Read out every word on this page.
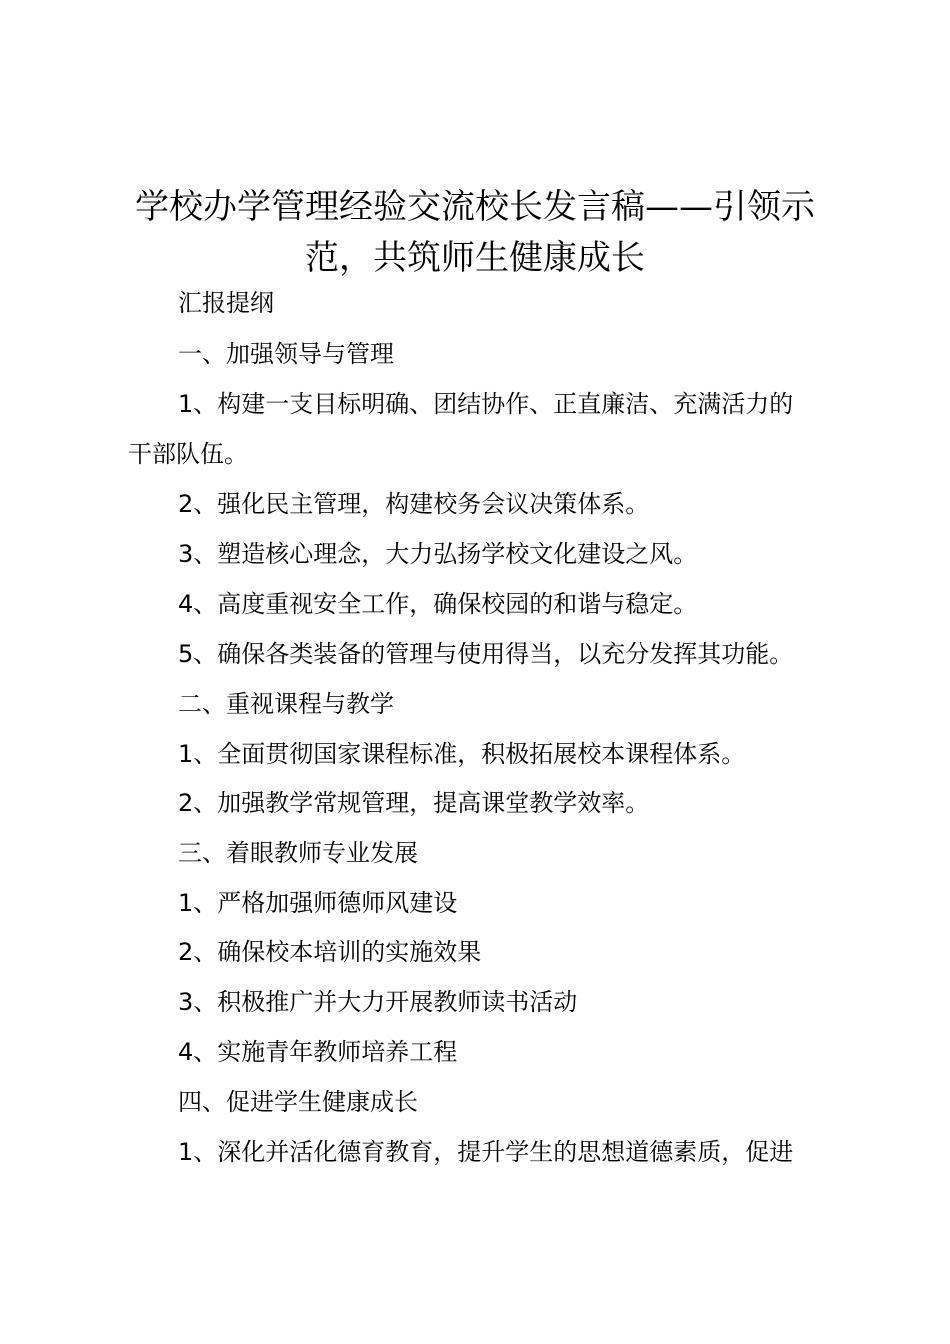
学校办学管理经验交流校长发言稿——引领示范，共筑师生健康成长

汇报提纲

一、加强领导与管理

1、构建一支目标明确、团结协作、正直廉洁、充满活力的

干部队伍。

2、强化民主管理，构建校务会议决策体系。

3、塑造核心理念，大力弘扬学校文化建设之风。

4、高度重视安全工作，确保校园的和谐与稳定。

5、确保各类装备的管理与使用得当，以充分发挥其功能。

二、重视课程与教学

1、全面贯彻国家课程标准，积极拓展校本课程体系。

2、加强教学常规管理，提高课堂教学效率。

三、着眼教师专业发展

1、严格加强师德师风建设

2、确保校本培训的实施效果

3、积极推广并大力开展教师读书活动

4、实施青年教师培养工程

四、促进学生健康成长

1、深化并活化德育教育，提升学生的思想道德素质，促进
